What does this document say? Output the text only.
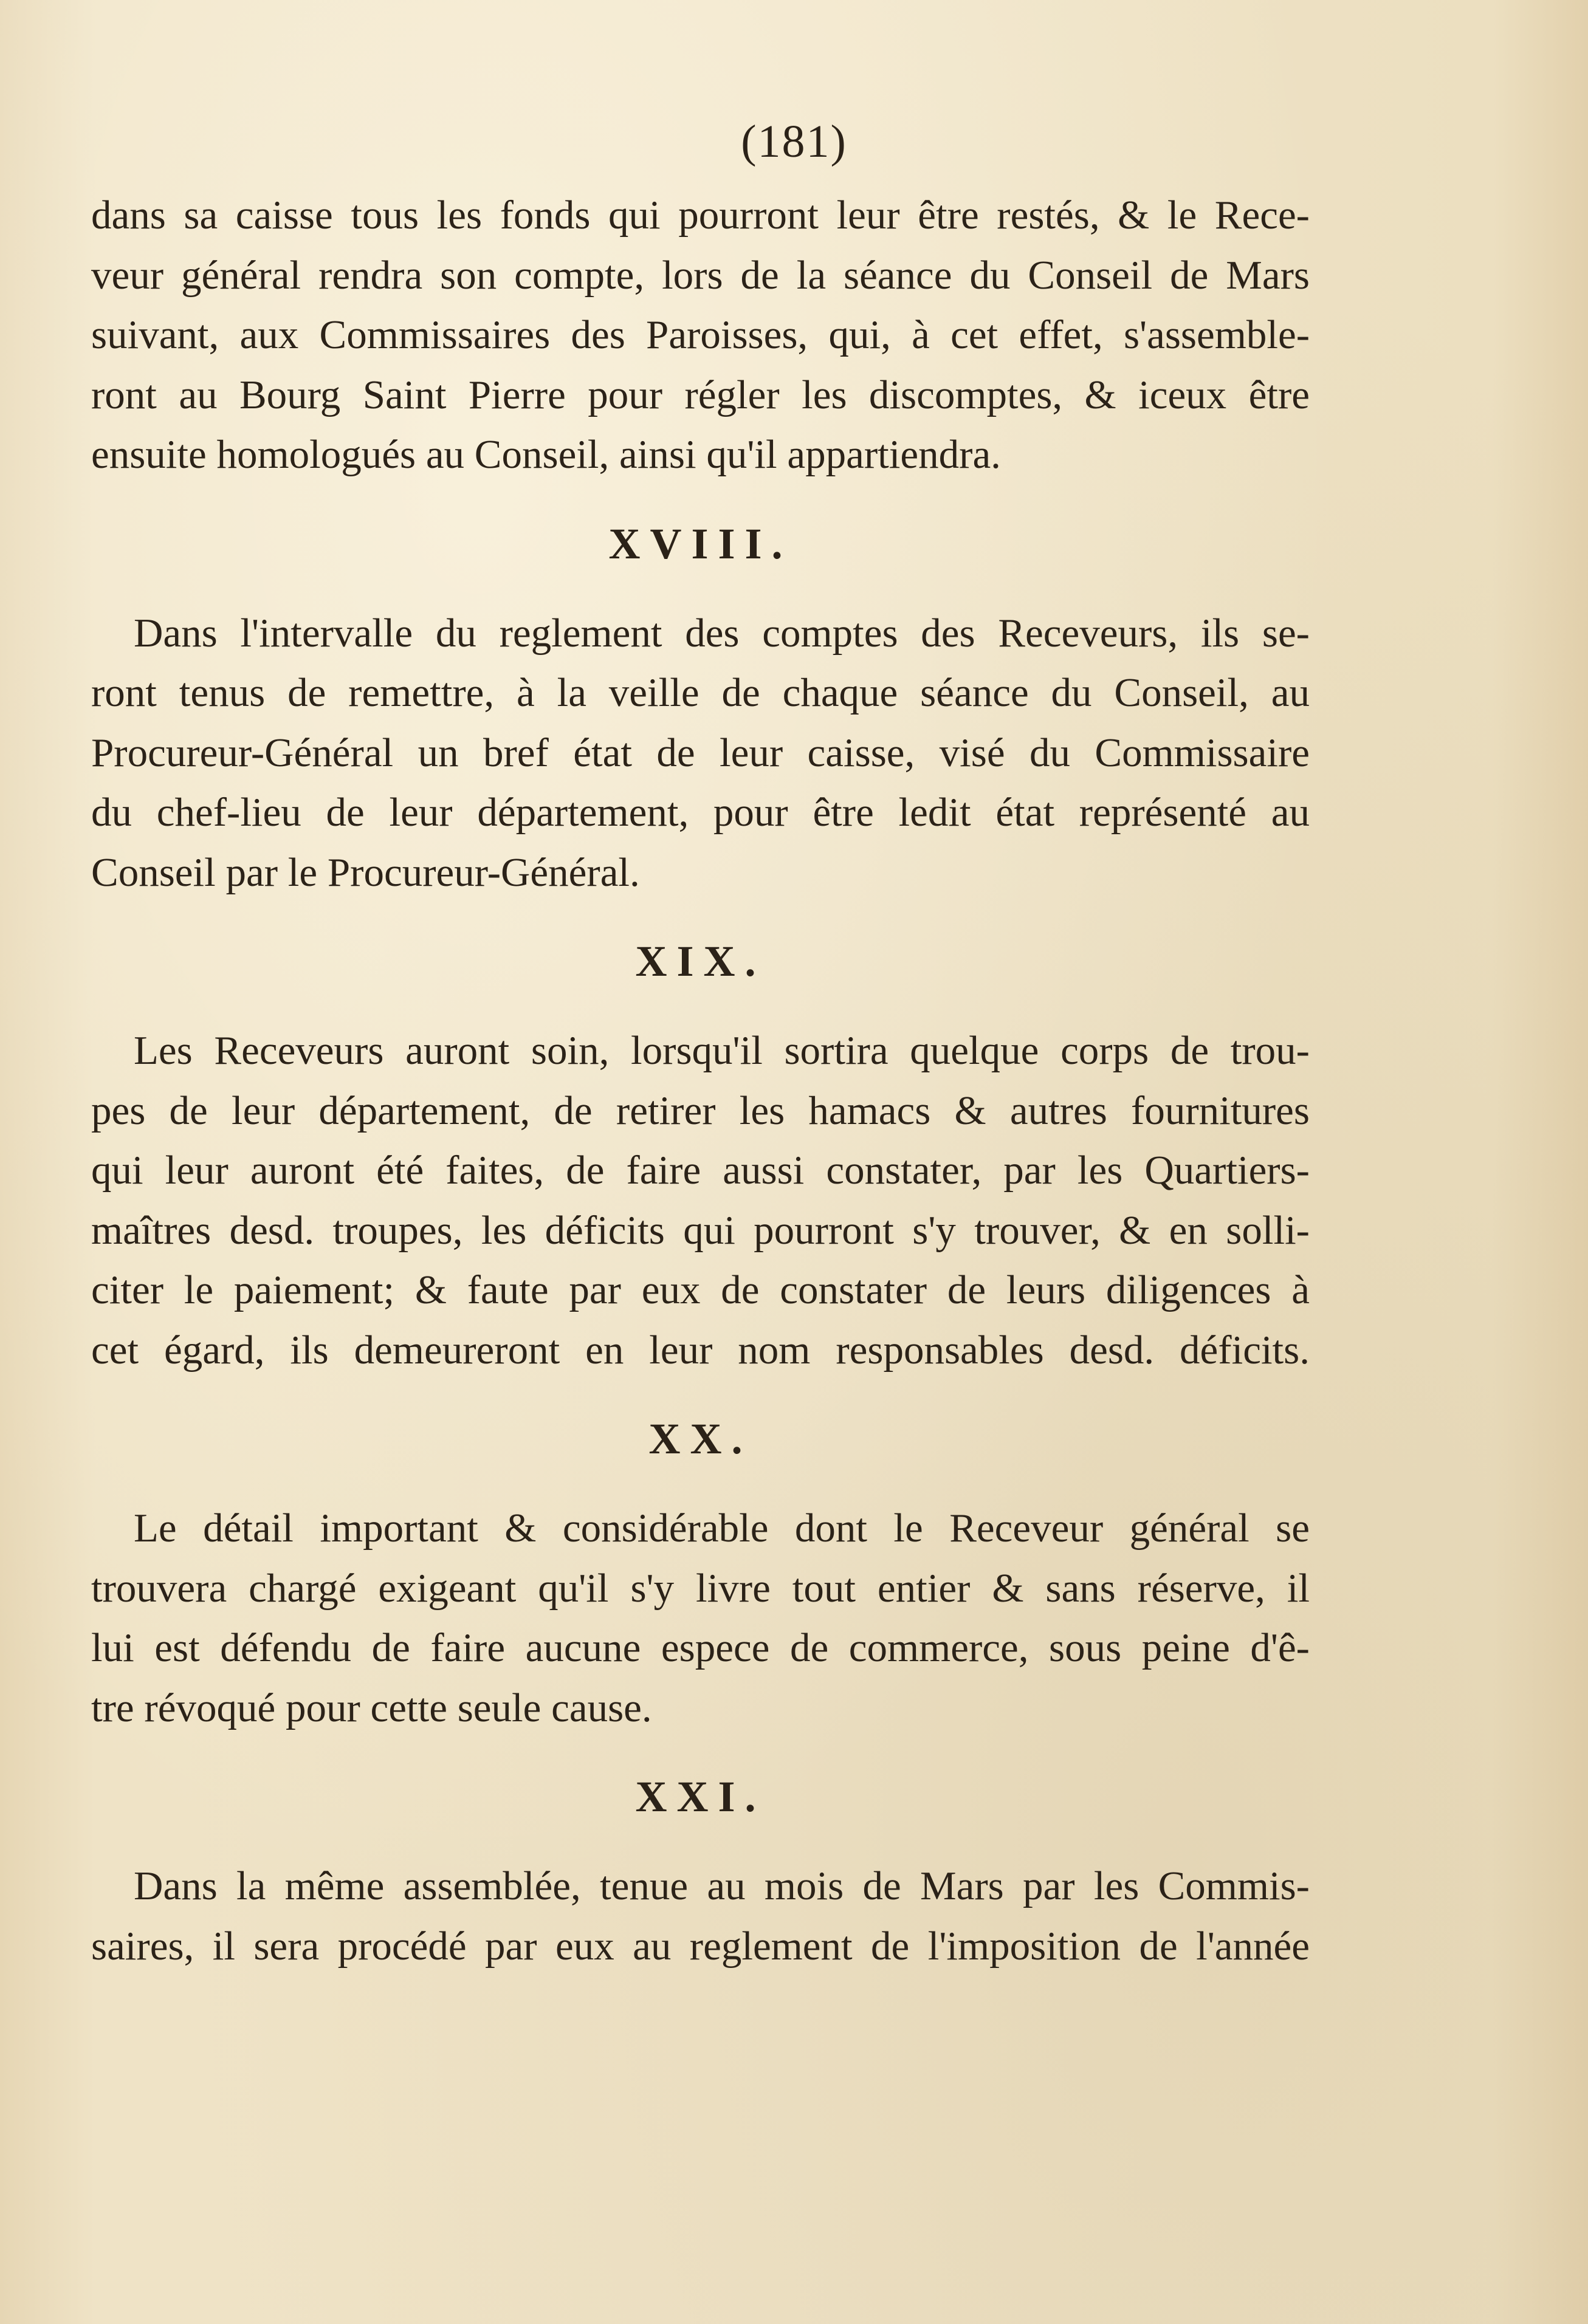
(181)

dans sa caisse tous les fonds qui pourront leur être restés, & le Rece-
veur général rendra son compte, lors de la séance du Conseil de Mars
suivant, aux Commissaires des Paroisses, qui, à cet effet, s'assemble-
ront au Bourg Saint Pierre pour régler les discomptes, & iceux être
ensuite homologués au Conseil, ainsi qu'il appartiendra.

XVIII.

Dans l'intervalle du reglement des comptes des Receveurs, ils se-
ront tenus de remettre, à la veille de chaque séance du Conseil, au
Procureur-Général un bref état de leur caisse, visé du Commissaire
du chef-lieu de leur département, pour être ledit état représenté au
Conseil par le Procureur-Général.

XIX.

Les Receveurs auront soin, lorsqu'il sortira quelque corps de trou-
pes de leur département, de retirer les hamacs & autres fournitures
qui leur auront été faites, de faire aussi constater, par les Quartiers-
maîtres desd. troupes, les déficits qui pourront s'y trouver, & en solli-
citer le paiement; & faute par eux de constater de leurs diligences à
cet égard, ils demeureront en leur nom responsables desd. déficits.

XX.

Le détail important & considérable dont le Receveur général se
trouvera chargé exigeant qu'il s'y livre tout entier & sans réserve, il
lui est défendu de faire aucune espece de commerce, sous peine d'ê-
tre révoqué pour cette seule cause.

XXI.

Dans la même assemblée, tenue au mois de Mars par les Commis-
saires, il sera procédé par eux au reglement de l'imposition de l'année
